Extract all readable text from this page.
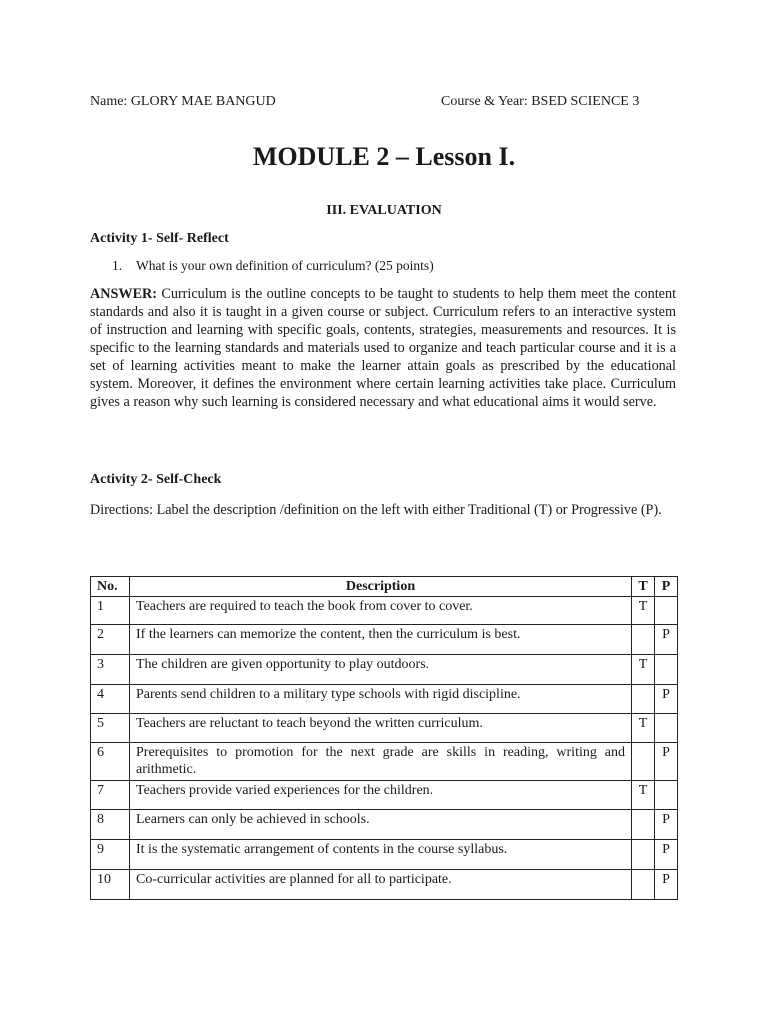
Name: GLORY MAE BANGUD	Course & Year: BSED SCIENCE 3
MODULE 2 – Lesson I.
III. EVALUATION
Activity 1- Self- Reflect
1. What is your own definition of curriculum? (25 points)
ANSWER: Curriculum is the outline concepts to be taught to students to help them meet the content standards and also it is taught in a given course or subject. Curriculum refers to an interactive system of instruction and learning with specific goals, contents, strategies, measurements and resources. It is specific to the learning standards and materials used to organize and teach particular course and it is a set of learning activities meant to make the learner attain goals as prescribed by the educational system. Moreover, it defines the environment where certain learning activities take place. Curriculum gives a reason why such learning is considered necessary and what educational aims it would serve.
Activity 2- Self-Check
Directions: Label the description /definition on the left with either Traditional (T) or Progressive (P).
No.	Description	T	P
1	Teachers are required to teach the book from cover to cover.	T	
2	If the learners can memorize the content, then the curriculum is best.		P
3	The children are given opportunity to play outdoors.	T	
4	Parents send children to a military type schools with rigid discipline.		P
5	Teachers are reluctant to teach beyond the written curriculum.	T	
6	Prerequisites to promotion for the next grade are skills in reading, writing and arithmetic.		P
7	Teachers provide varied experiences for the children.	T	
8	Learners can only be achieved in schools.		P
9	It is the systematic arrangement of contents in the course syllabus.		P
10	Co-curricular activities are planned for all to participate.		P
